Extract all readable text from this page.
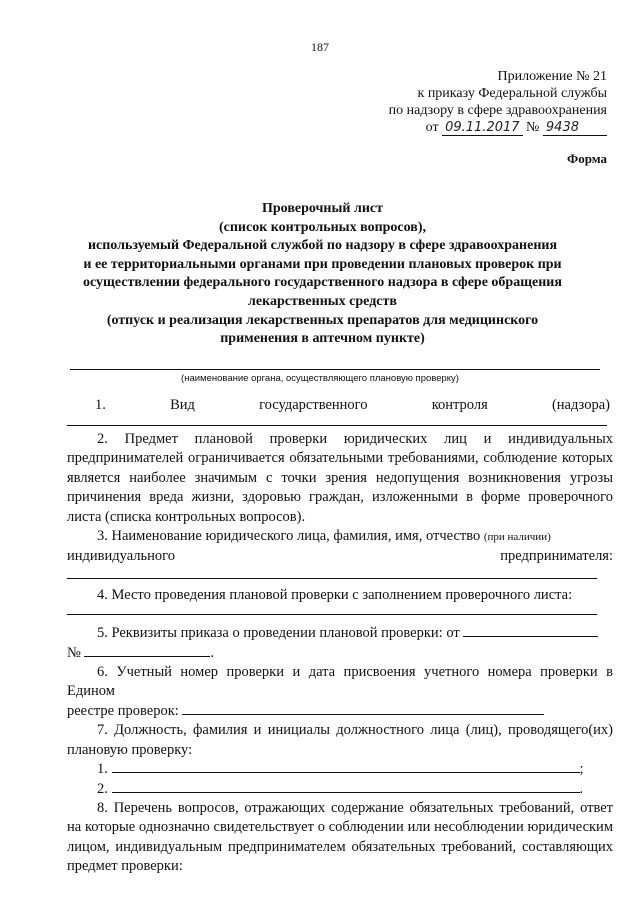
187
Приложение № 21
к приказу Федеральной службы
по надзору в сфере здравоохранения
от 09.11.2017 № 9438
Форма
Проверочный лист
(список контрольных вопросов),
используемый Федеральной службой по надзору в сфере здравоохранения
и ее территориальными органами при проведении плановых проверок при
осуществлении федерального государственного надзора в сфере обращения
лекарственных средств
(отпуск и реализация лекарственных препаратов для медицинского
применения в аптечном пункте)
(наименование органа, осуществляющего плановую проверку)
1.	Вид	государственного	контроля	(надзора)
2. Предмет плановой проверки юридических лиц и индивидуальных предпринимателей ограничивается обязательными требованиями, соблюдение которых является наиболее значимым с точки зрения недопущения возникновения угрозы причинения вреда жизни, здоровью граждан, изложенными в форме проверочного листа (списка контрольных вопросов).
3. Наименование юридического лица, фамилия, имя, отчество (при наличии)
индивидуального	предпринимателя:
4. Место проведения плановой проверки с заполнением проверочного листа:
5. Реквизиты приказа о проведении плановой проверки: от
№	.
6. Учетный номер проверки и дата присвоения учетного номера проверки в Едином
реестре проверок:
7. Должность, фамилия и инициалы должностного лица (лиц), проводящего(их) плановую проверку:
1.	;
2.	.
8. Перечень вопросов, отражающих содержание обязательных требований, ответ на которые однозначно свидетельствует о соблюдении или несоблюдении юридическим лицом, индивидуальным предпринимателем обязательных требований, составляющих предмет проверки:
